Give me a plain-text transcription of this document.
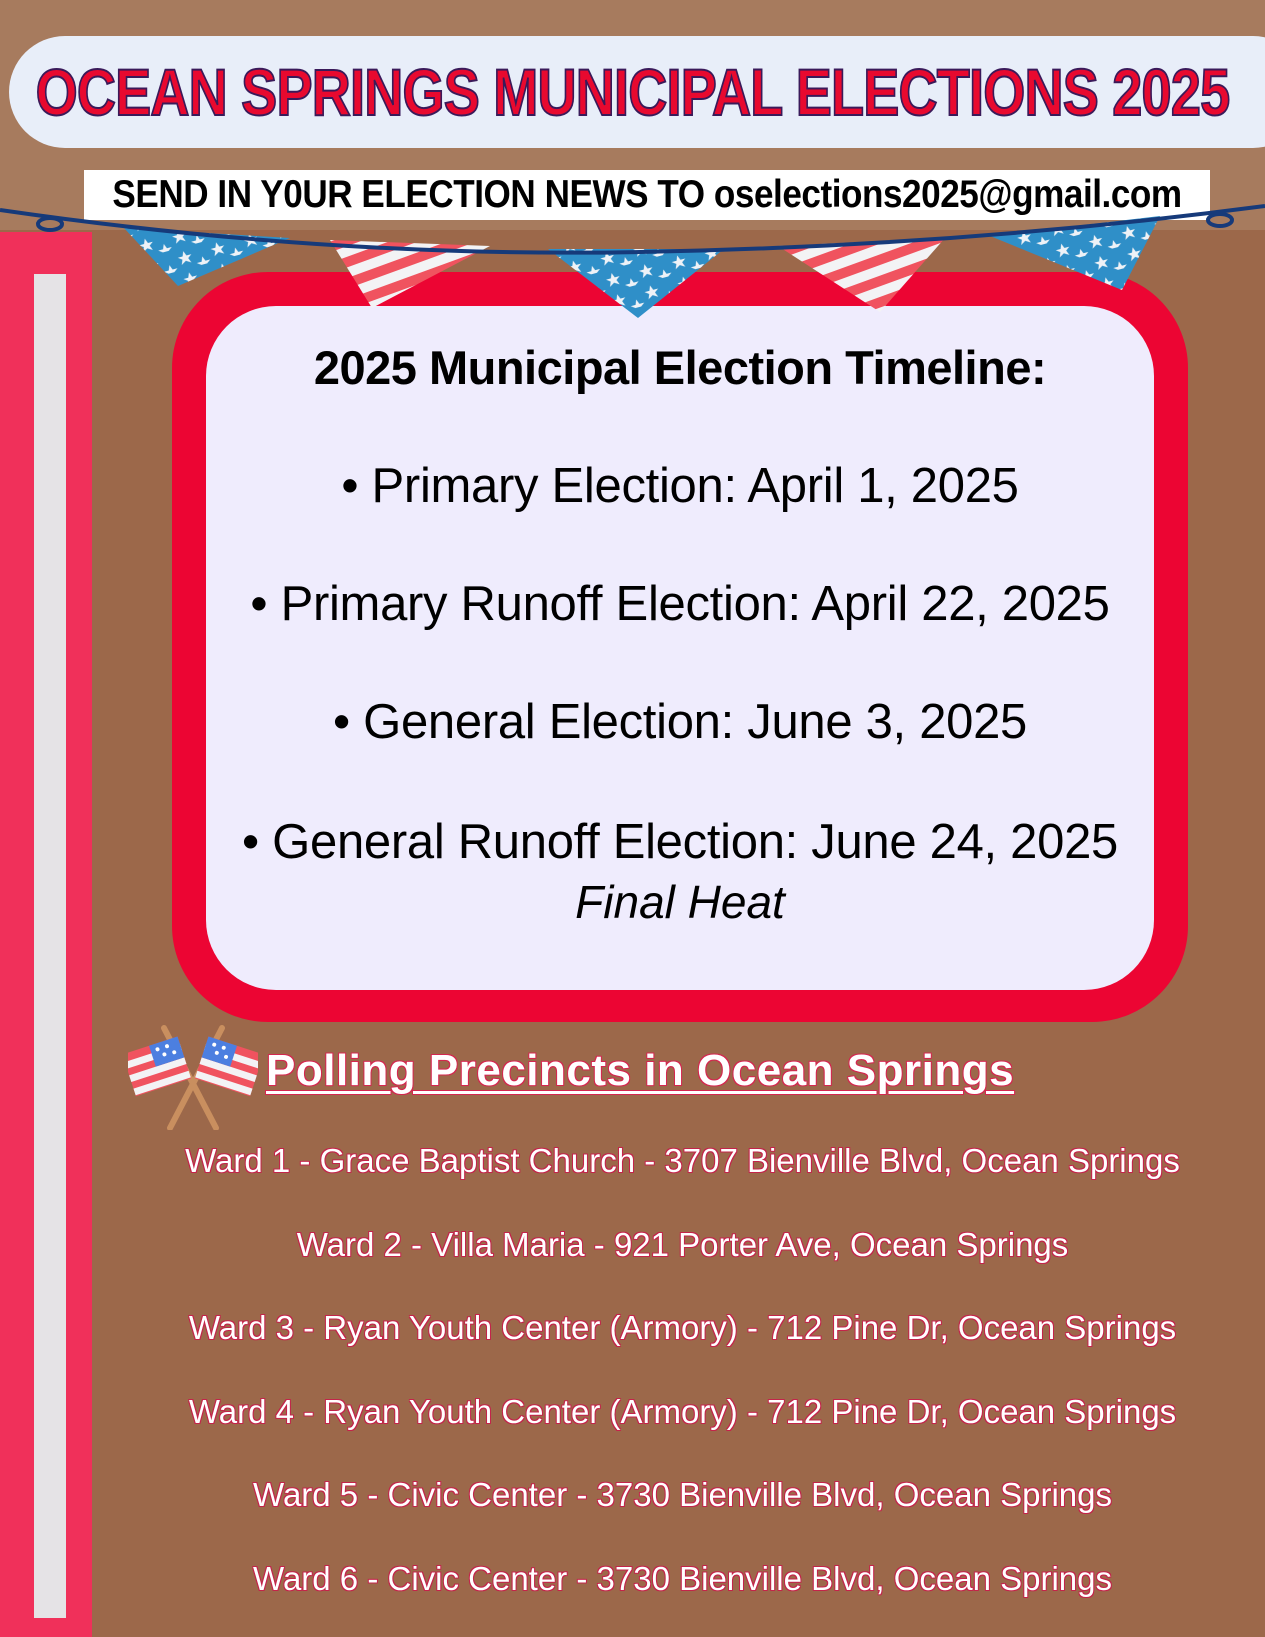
OCEAN SPRINGS MUNICIPAL ELECTIONS 2025
SEND IN Y0UR ELECTION NEWS TO oselections2025@gmail.com
2025 Municipal Election Timeline:
• Primary Election: April 1, 2025
• Primary Runoff Election: April 22, 2025
• General Election: June 3, 2025
• General Runoff Election: June 24, 2025
Final Heat
Polling Precincts in Ocean Springs
Ward 1 - Grace Baptist Church - 3707 Bienville Blvd, Ocean Springs
Ward 2 - Villa Maria - 921 Porter Ave, Ocean Springs
Ward 3 - Ryan Youth Center (Armory) - 712 Pine Dr, Ocean Springs
Ward 4 - Ryan Youth Center (Armory) - 712 Pine Dr, Ocean Springs
Ward 5 - Civic Center - 3730 Bienville Blvd, Ocean Springs
Ward 6 - Civic Center - 3730 Bienville Blvd, Ocean Springs
